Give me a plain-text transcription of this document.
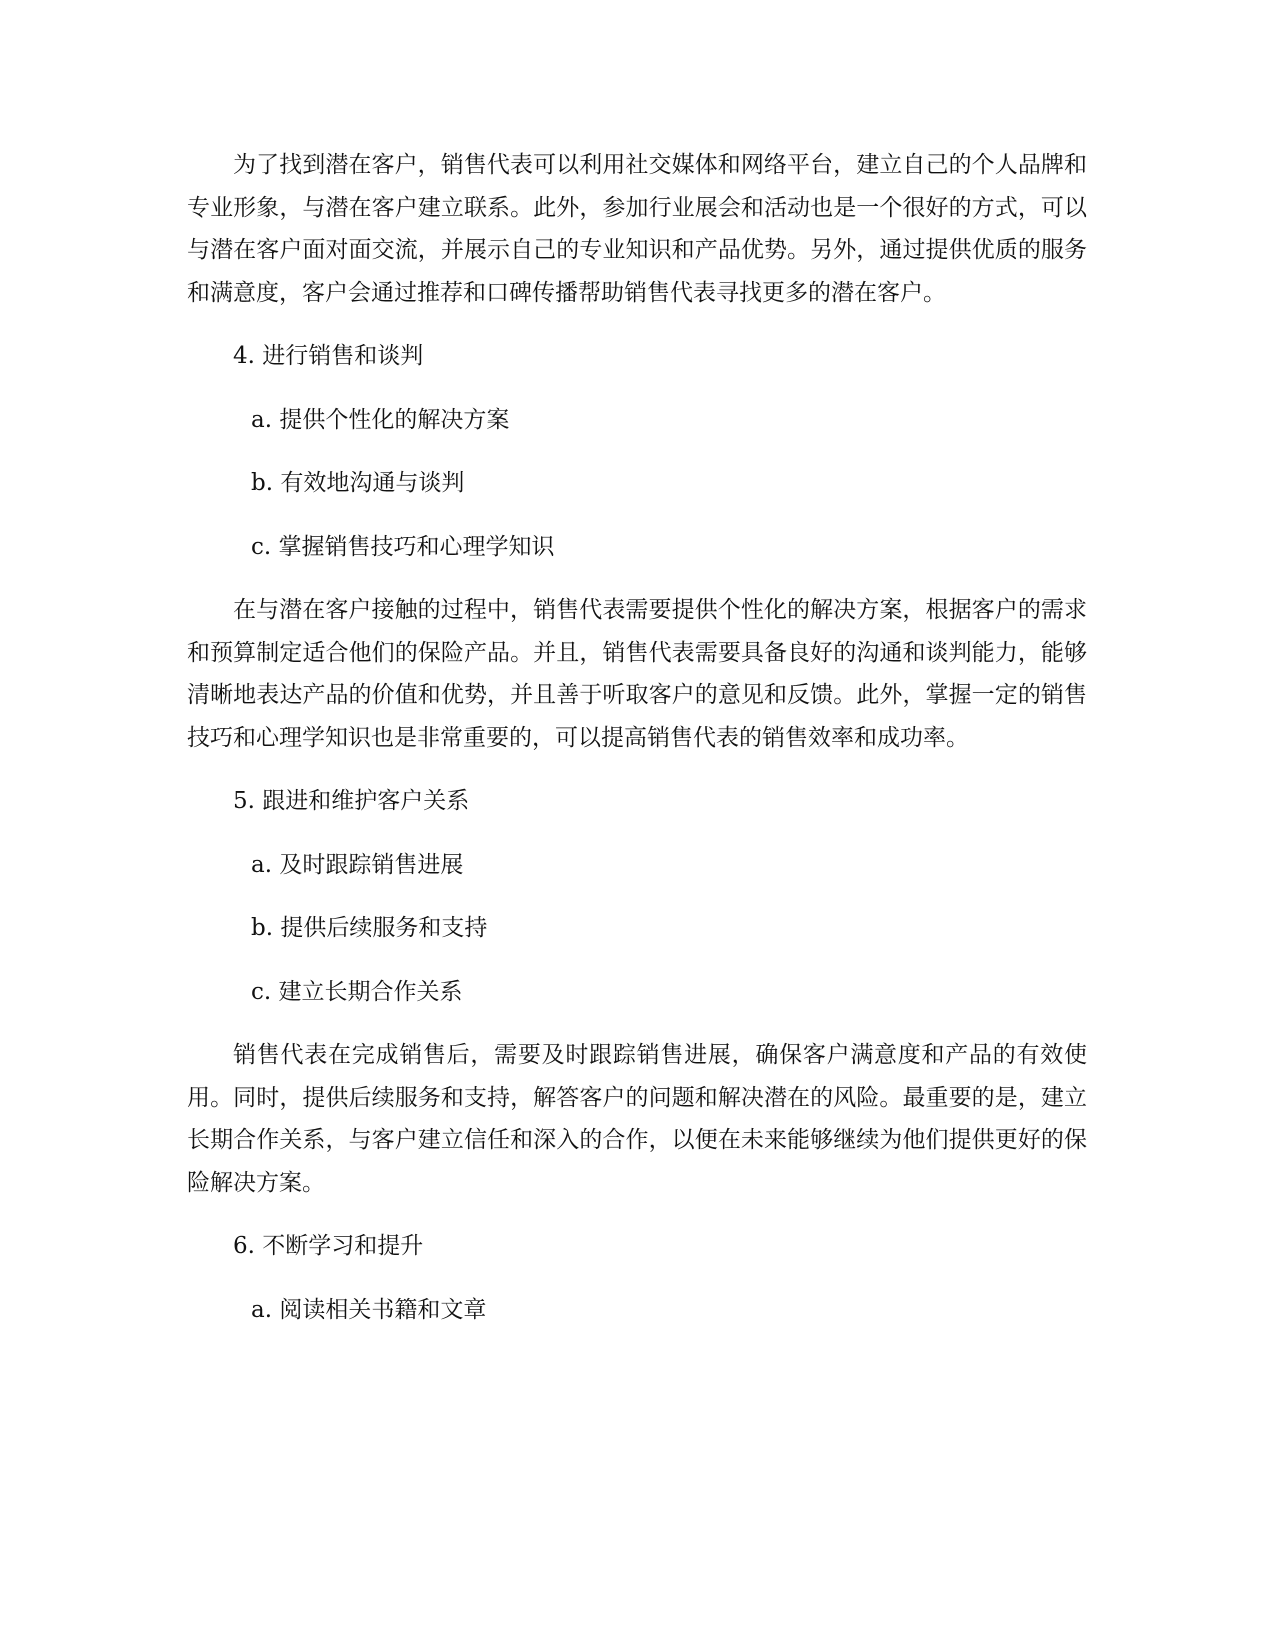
为了找到潜在客户，销售代表可以利用社交媒体和网络平台，建立自己的个人品牌和专业形象，与潜在客户建立联系。此外，参加行业展会和活动也是一个很好的方式，可以与潜在客户面对面交流，并展示自己的专业知识和产品优势。另外，通过提供优质的服务和满意度，客户会通过推荐和口碑传播帮助销售代表寻找更多的潜在客户。

4. 进行销售和谈判

a. 提供个性化的解决方案

b. 有效地沟通与谈判

c. 掌握销售技巧和心理学知识

在与潜在客户接触的过程中，销售代表需要提供个性化的解决方案，根据客户的需求和预算制定适合他们的保险产品。并且，销售代表需要具备良好的沟通和谈判能力，能够清晰地表达产品的价值和优势，并且善于听取客户的意见和反馈。此外，掌握一定的销售技巧和心理学知识也是非常重要的，可以提高销售代表的销售效率和成功率。

5. 跟进和维护客户关系

a. 及时跟踪销售进展

b. 提供后续服务和支持

c. 建立长期合作关系

销售代表在完成销售后，需要及时跟踪销售进展，确保客户满意度和产品的有效使用。同时，提供后续服务和支持，解答客户的问题和解决潜在的风险。最重要的是，建立长期合作关系，与客户建立信任和深入的合作，以便在未来能够继续为他们提供更好的保险解决方案。

6. 不断学习和提升

a. 阅读相关书籍和文章
